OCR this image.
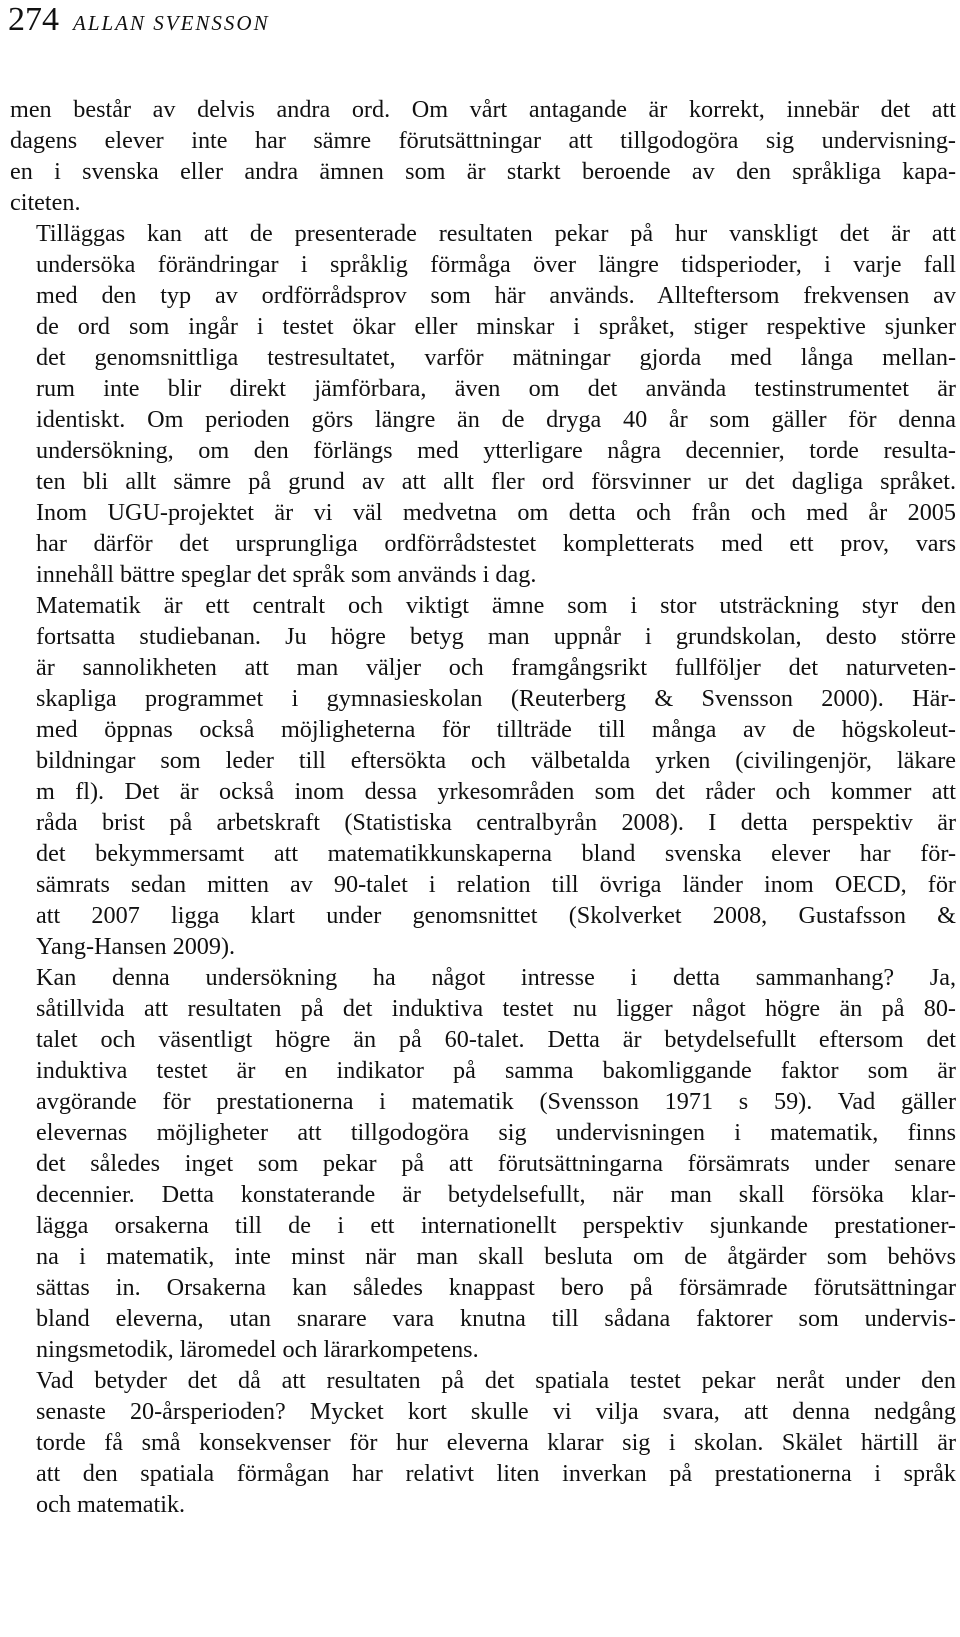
274 ALLAN SVENSSON

men består av delvis andra ord. Om vårt antagande är korrekt, innebär det att
dagens elever inte har sämre förutsättningar att tillgodogöra sig undervisning-
en i svenska eller andra ämnen som är starkt beroende av den språkliga kapa-
citeten.

Tilläggas kan att de presenterade resultaten pekar på hur vanskligt det är att
undersöka förändringar i språklig förmåga över längre tidsperioder, i varje fall
med den typ av ordförrådsprov som här används. Allteftersom frekvensen av
de ord som ingår i testet ökar eller minskar i språket, stiger respektive sjunker
det genomsnittliga testresultatet, varför mätningar gjorda med långa mellan-
rum inte blir direkt jämförbara, även om det använda testinstrumentet är
identiskt. Om perioden görs längre än de dryga 40 år som gäller för denna
undersökning, om den förlängs med ytterligare några decennier, torde resulta-
ten bli allt sämre på grund av att allt fler ord försvinner ur det dagliga språket.
Inom UGU-projektet är vi väl medvetna om detta och från och med år 2005
har därför det ursprungliga ordförrådstestet kompletterats med ett prov, vars
innehåll bättre speglar det språk som används i dag.

Matematik är ett centralt och viktigt ämne som i stor utsträckning styr den
fortsatta studiebanan. Ju högre betyg man uppnår i grundskolan, desto större
är sannolikheten att man väljer och framgångsrikt fullföljer det naturveten-
skapliga programmet i gymnasieskolan (Reuterberg & Svensson 2000). Här-
med öppnas också möjligheterna för tillträde till många av de högskoleut-
bildningar som leder till eftersökta och välbetalda yrken (civilingenjör, läkare
m fl). Det är också inom dessa yrkesområden som det råder och kommer att
råda brist på arbetskraft (Statistiska centralbyrån 2008). I detta perspektiv är
det bekymmersamt att matematikkunskaperna bland svenska elever har för-
sämrats sedan mitten av 90-talet i relation till övriga länder inom OECD, för
att 2007 ligga klart under genomsnittet (Skolverket 2008, Gustafsson &
Yang-Hansen 2009).

Kan denna undersökning ha något intresse i detta sammanhang? Ja,
såtillvida att resultaten på det induktiva testet nu ligger något högre än på 80-
talet och väsentligt högre än på 60-talet. Detta är betydelsefullt eftersom det
induktiva testet är en indikator på samma bakomliggande faktor som är
avgörande för prestationerna i matematik (Svensson 1971 s 59). Vad gäller
elevernas möjligheter att tillgodogöra sig undervisningen i matematik, finns
det således inget som pekar på att förutsättningarna försämrats under senare
decennier. Detta konstaterande är betydelsefullt, när man skall försöka klar-
lägga orsakerna till de i ett internationellt perspektiv sjunkande prestationer-
na i matematik, inte minst när man skall besluta om de åtgärder som behövs
sättas in. Orsakerna kan således knappast bero på försämrade förutsättningar
bland eleverna, utan snarare vara knutna till sådana faktorer som undervis-
ningsmetodik, läromedel och lärarkompetens.

Vad betyder det då att resultaten på det spatiala testet pekar neråt under den
senaste 20-årsperioden? Mycket kort skulle vi vilja svara, att denna nedgång
torde få små konsekvenser för hur eleverna klarar sig i skolan. Skälet härtill är
att den spatiala förmågan har relativt liten inverkan på prestationerna i språk
och matematik.
